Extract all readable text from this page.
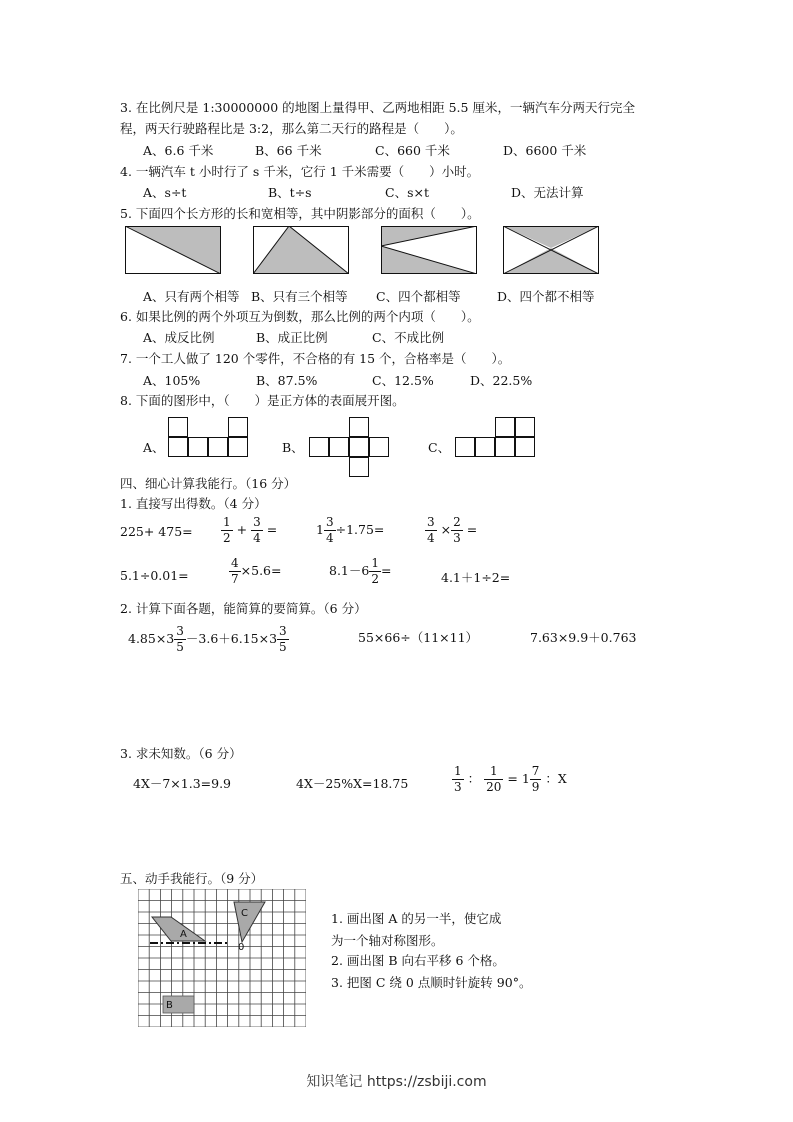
3. 在比例尺是 1:30000000 的地图上量得甲、乙两地相距 5.5 厘米，一辆汽车分两天行完全
程，两天行驶路程比是 3:2，那么第二天行的路程是（　　）。
A、6.6 千米	B、66 千米	C、660 千米	D、6600 千米
4. 一辆汽车 t 小时行了 s 千米，它行 1 千米需要（　　）小时。
A、s÷t	B、t÷s	C、s×t	D、无法计算
5. 下面四个长方形的长和宽相等，其中阴影部分的面积（　　）。
A、只有两个相等 B、只有三个相等 C、四个都相等	D、四个都不相等
6. 如果比例的两个外项互为倒数，那么比例的两个内项（　　）。
A、成反比例	B、成正比例	C、不成比例
7. 一个工人做了 120 个零件，不合格的有 15 个，合格率是（　　）。
A、105%	B、87.5%	C、12.5%	D、22.5%
8. 下面的图形中，（　　）是正方体的表面展开图。
A、	B、	C、
四、细心计算我能行。（16 分）
1. 直接写出得数。（4 分）
$225+ 475= \frac{1}{2} + \frac{3}{4}$ =	$1 \frac{3}{4} \div 1.75=$	$\frac{3}{4} \times \frac{2}{3}$ =
5.1÷0.01=	$\frac{4}{7} \times 5.6=$	$8.1-6 \frac{1}{2}$ =	4.1＋1÷2=
2. 计算下面各题，能简算的要简算。（6 分）
$4.85\times 3 \frac{3}{5} -3.6+6.15\times 3 \frac{3}{5}$	55×66÷（11×11）	7.63×9.9＋0.763
3. 求未知数。（6 分）
4X－7×1.3=9.9	4X－25%X=18.75	$\frac{1}{3}$ ： $\frac{1}{20} = 1 \frac{7}{9}$ ：X
五、动手我能行。（9 分）
A
C
0
B
1. 画出图 A 的另一半，使它成
为一个轴对称图形。
2. 画出图 B 向右平移 6 个格。
3. 把图 C 绕 0 点顺时针旋转 90°。
知识笔记 https://zsbiji.com
